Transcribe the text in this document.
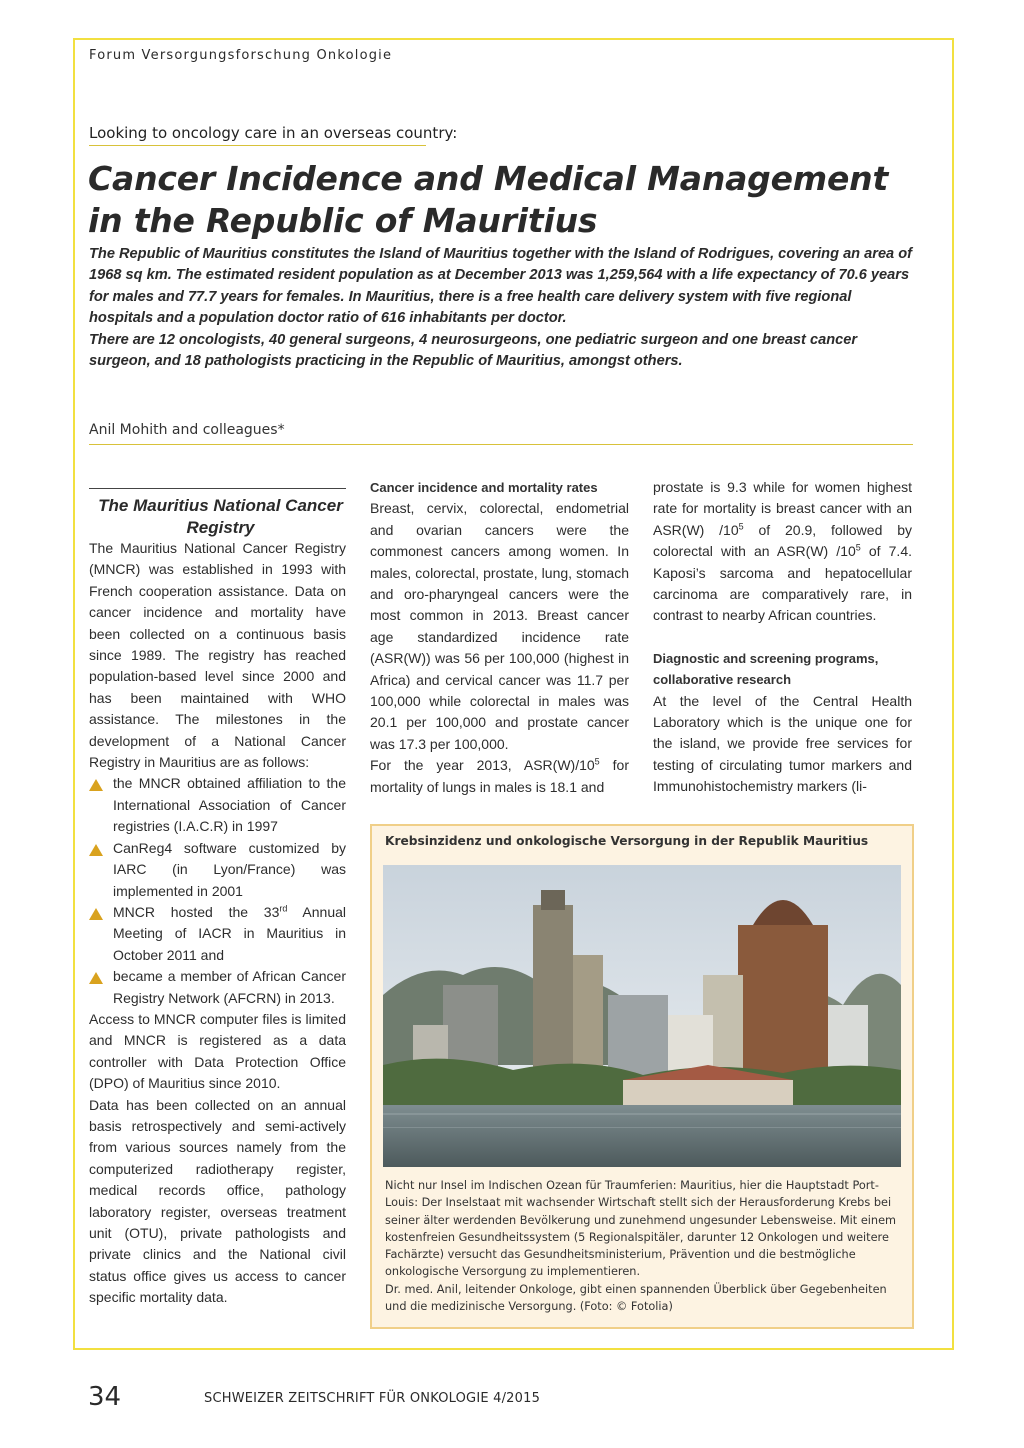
Forum Versorgungsforschung Onkologie
Looking to oncology care in an overseas country:
Cancer Incidence and Medical Management
in the Republic of Mauritius

The Republic of Mauritius constitutes the Island of Mauritius together with the Island of Rodrigues, covering an area of 1968 sq km. The estimated resident population as at December 2013 was 1,259,564 with a life expectancy of 70.6 years for males and 77.7 years for females. In Mauritius, there is a free health care delivery system with five regional hospitals and a population doctor ratio of 616 inhabitants per doctor.

There are 12 oncologists, 40 general surgeons, 4 neurosurgeons, one pediatric surgeon and one breast cancer surgeon, and 18 pathologists practicing in the Republic of Mauritius, amongst others.

Anil Mohith and colleagues*
The Mauritius National Cancer Registry

The Mauritius National Cancer Registry (MNCR) was established in 1993 with French cooperation assistance. Data on cancer incidence and mortality have been collected on a continuous basis since 1989. The registry has reached population-based level since 2000 and has been maintained with WHO assistance. The milestones in the development of a National Cancer Registry in Mauritius are as follows:

the MNCR obtained affiliation to the International Association of Cancer registries (I.A.C.R) in 1997
CanReg4 software customized by IARC (in Lyon/France) was implemented in 2001
MNCR hosted the 33rd Annual Meeting of IACR in Mauritius in October 2011 and
became a member of African Cancer Registry Network (AFCRN) in 2013.

Access to MNCR computer files is limited and MNCR is registered as a data controller with Data Protection Office (DPO) of Mauritius since 2010.

Data has been collected on an annual basis retrospectively and semi-actively from various sources namely from the computerized radiotherapy register, medical records office, pathology laboratory register, overseas treatment unit (OTU), private pathologists and private clinics and the National civil status office gives us access to cancer specific mortality data.

Cancer incidence and mortality rates

Breast, cervix, colorectal, endometrial and ovarian cancers were the commonest cancers among women. In males, colorectal, prostate, lung, stomach and oro-pharyngeal cancers were the most common in 2013. Breast cancer age standardized incidence rate (ASR(W)) was 56 per 100,000 (highest in Africa) and cervical cancer was 11.7 per 100,000 while colorectal in males was 20.1 per 100,000 and prostate cancer was 17.3 per 100,000.

For the year 2013, $ASR(W)/10^5$ for mortality of lungs in males is 18.1 and

prostate is 9.3 while for women highest rate for mortality is breast cancer with an ASR(W) $/10^5$ of 20.9, followed by colorectal with an ASR(W) $/10^5$ of 7.4. Kaposi’s sarcoma and hepatocellular carcinoma are comparatively rare, in contrast to nearby African countries.

Diagnostic and screening programs, collaborative research

At the level of the Central Health Laboratory which is the unique one for the island, we provide free services for testing of circulating tumor markers and Immunohistochemistry markers (li-

Krebsinzidenz und onkologische Versorgung in der Republik Mauritius

Nicht nur Insel im Indischen Ozean für Traumferien: Mauritius, hier die Hauptstadt Port-Louis: Der Inselstaat mit wachsender Wirtschaft stellt sich der Herausforderung Krebs bei seiner älter werdenden Bevölkerung und zunehmend ungesunder Lebensweise. Mit einem kostenfreien Gesundheitssystem (5 Regionalspitäler, darunter 12 Onkologen und weitere Fachärzte) versucht das Gesundheitsministerium, Prävention und die bestmögliche onkologische Versorgung zu implementieren.

Dr. med. Anil, leitender Onkologe, gibt einen spannenden Überblick über Gegebenheiten und die medizinische Versorgung. (Foto: © Fotolia)

34	SCHWEIZER ZEITSCHRIFT FÜR ONKOLOGIE 4/2015
